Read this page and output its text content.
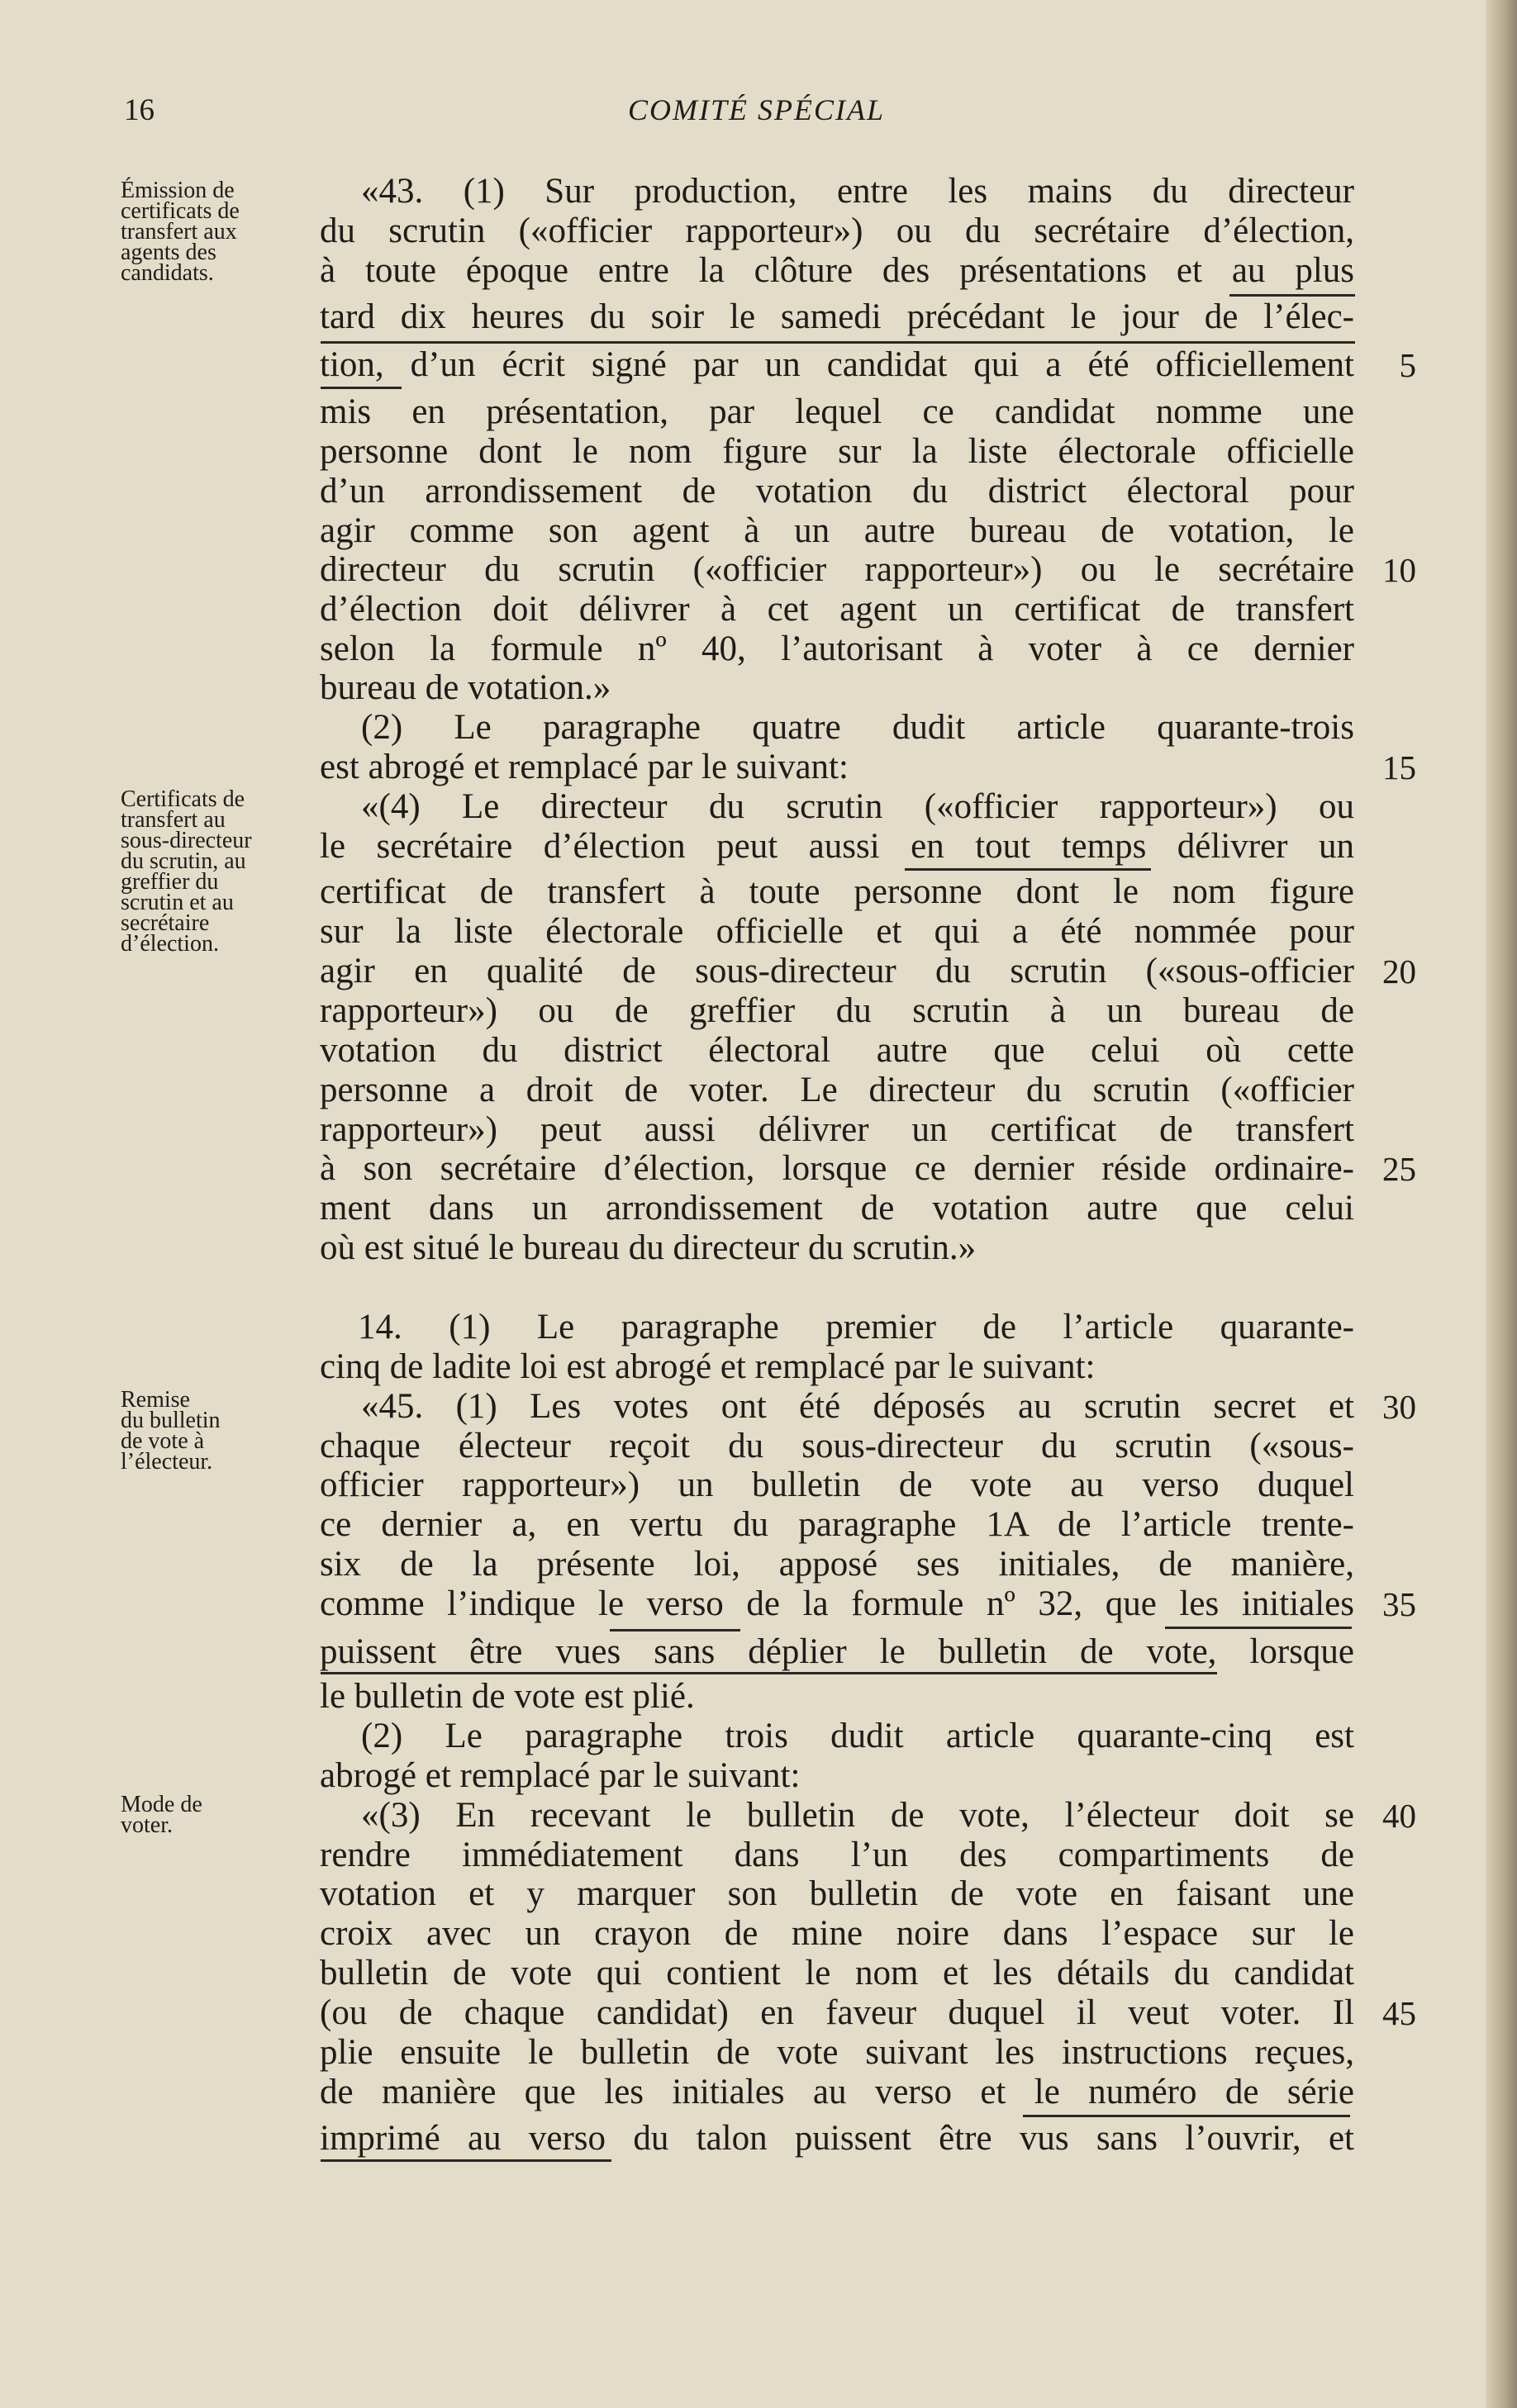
16	COMITÉ SPÉCIAL
Émission de
certificats de
transfert aux
agents des
candidats.
Certificats de
transfert au
sous-directeur
du scrutin, au
greffier du
scrutin et au
secrétaire
d’élection.
Remise
du bulletin
de vote à
l’électeur.
Mode de
voter.
«43. (1) Sur production, entre les mains du directeur
du scrutin («officier rapporteur») ou du secrétaire d’élection,
à toute époque entre la clôture des présentations et au plus
tard dix heures du soir le samedi précédant le jour de l’élec-
tion, d’un écrit signé par un candidat qui a été officiellement
mis en présentation, par lequel ce candidat nomme une
personne dont le nom figure sur la liste électorale officielle
d’un arrondissement de votation du district électoral pour
agir comme son agent à un autre bureau de votation, le
directeur du scrutin («officier rapporteur») ou le secrétaire
d’élection doit délivrer à cet agent un certificat de transfert
selon la formule nº 40, l’autorisant à voter à ce dernier
bureau de votation.»
(2) Le paragraphe quatre dudit article quarante-trois
est abrogé et remplacé par le suivant:
«(4) Le directeur du scrutin («officier rapporteur») ou
le secrétaire d’élection peut aussi en tout temps délivrer un
certificat de transfert à toute personne dont le nom figure
sur la liste électorale officielle et qui a été nommée pour
agir en qualité de sous-directeur du scrutin («sous-officier
rapporteur») ou de greffier du scrutin à un bureau de
votation du district électoral autre que celui où cette
personne a droit de voter. Le directeur du scrutin («officier
rapporteur») peut aussi délivrer un certificat de transfert
à son secrétaire d’élection, lorsque ce dernier réside ordinaire-
ment dans un arrondissement de votation autre que celui
où est situé le bureau du directeur du scrutin.»
14. (1) Le paragraphe premier de l’article quarante-
cinq de ladite loi est abrogé et remplacé par le suivant:
«45. (1) Les votes ont été déposés au scrutin secret et
chaque électeur reçoit du sous-directeur du scrutin («sous-
officier rapporteur») un bulletin de vote au verso duquel
ce dernier a, en vertu du paragraphe 1A de l’article trente-
six de la présente loi, apposé ses initiales, de manière,
comme l’indique le verso de la formule nº 32, que les initiales
puissent être vues sans déplier le bulletin de vote, lorsque
le bulletin de vote est plié.
(2) Le paragraphe trois dudit article quarante-cinq est
abrogé et remplacé par le suivant:
«(3) En recevant le bulletin de vote, l’électeur doit se
rendre immédiatement dans l’un des compartiments de
votation et y marquer son bulletin de vote en faisant une
croix avec un crayon de mine noire dans l’espace sur le
bulletin de vote qui contient le nom et les détails du candidat
(ou de chaque candidat) en faveur duquel il veut voter. Il
plie ensuite le bulletin de vote suivant les instructions reçues,
de manière que les initiales au verso et le numéro de série
imprimé au verso du talon puissent être vus sans l’ouvrir, et
5
10
15
20
25
30
35
40
45
